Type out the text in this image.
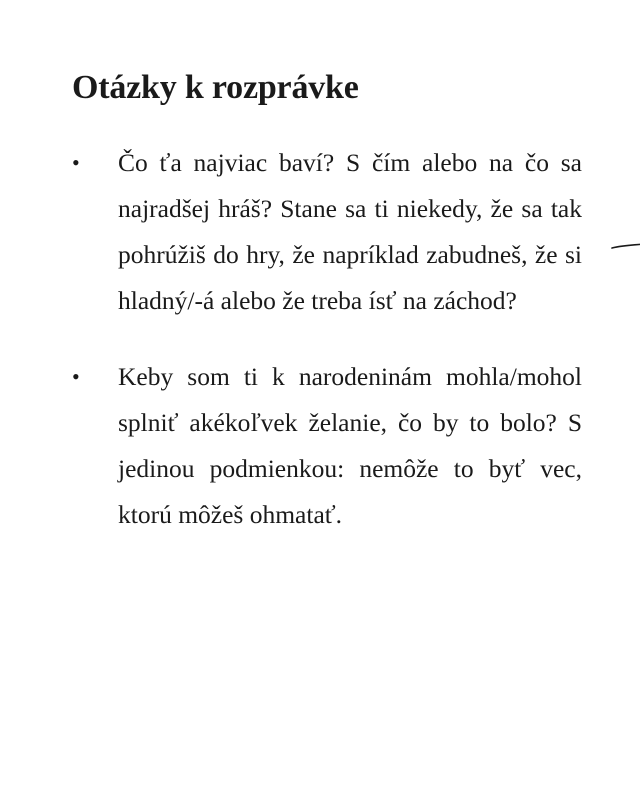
Otázky k rozprávke
• Čo ťa najviac baví? S čím alebo na čo sa najradšej hráš? Stane sa ti niekedy, že sa tak pohrúžiš do hry, že napríklad zabudneš, že si hladný/-á alebo že treba ísť na záchod?
• Keby som ti k narodeninám mohla/mohol splniť akékoľvek želanie, čo by to bolo? S jedinou podmienkou: nemôže to byť vec, ktorú môžeš ohmatať.
